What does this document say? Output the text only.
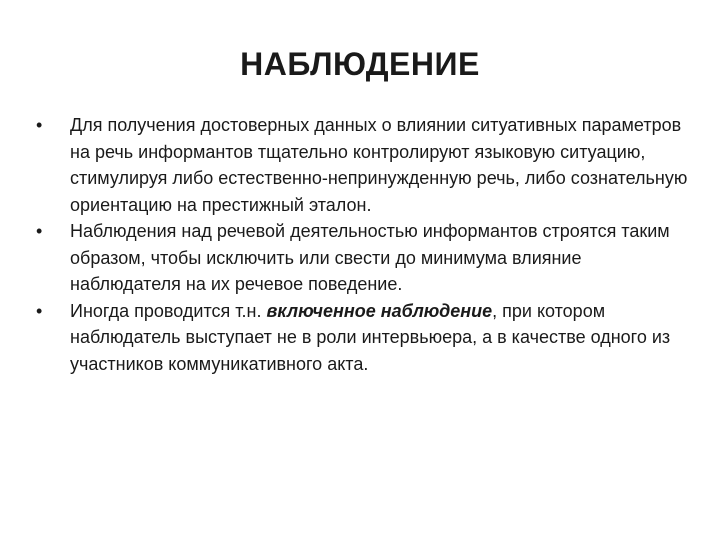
НАБЛЮДЕНИЕ
•	Для получения достоверных данных о влиянии ситуативных параметров на речь информантов тщательно контролируют языковую ситуацию, стимулируя либо естественно-непринужденную речь, либо сознательную ориентацию на престижный эталон.
•	Наблюдения над речевой деятельностью информантов строятся таким образом, чтобы исключить или свести до минимума влияние наблюдателя на их речевое поведение.
•	Иногда проводится т.н. включенное наблюдение, при котором наблюдатель выступает не в роли интервьюера, а в качестве одного из участников коммуникативного акта.
